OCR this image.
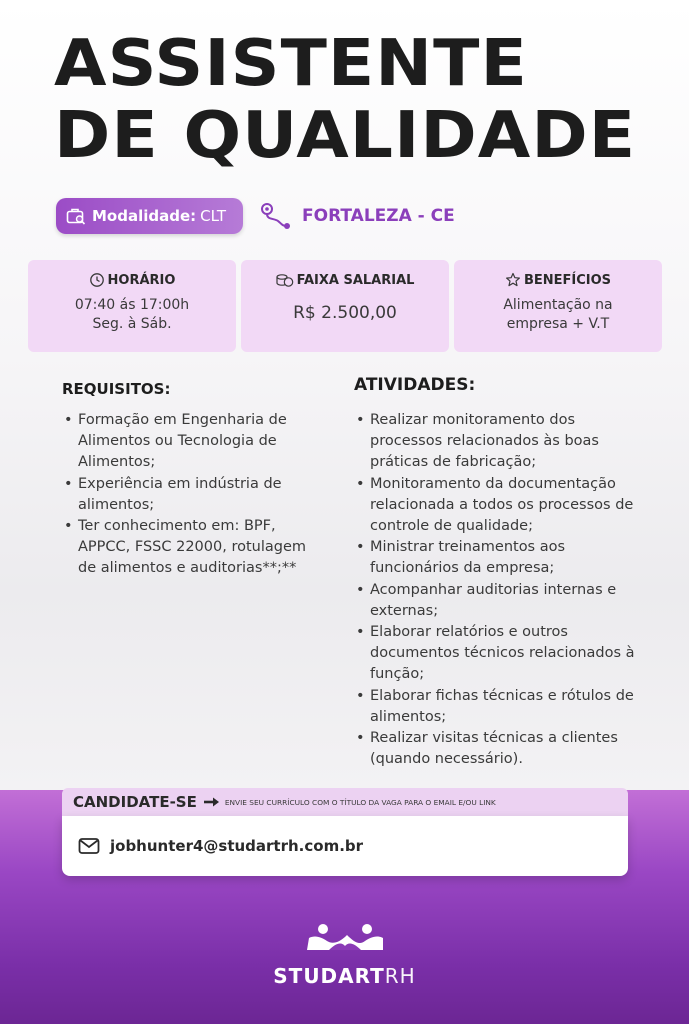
ASSISTENTE
DE QUALIDADE
Modalidade: CLT	FORTALEZA - CE
HORÁRIO
07:40 ás 17:00h
Seg. à Sáb.
FAIXA SALARIAL
R$ 2.500,00
BENEFÍCIOS
Alimentação na
empresa + V.T
REQUISITOS:
• Formação em Engenharia de
Alimentos ou Tecnologia de
Alimentos;
• Experiência em indústria de
alimentos;
• Ter conhecimento em: BPF,
APPCC, FSSC 22000, rotulagem
de alimentos e auditorias**;**
ATIVIDADES:
• Realizar monitoramento dos
processos relacionados às boas
práticas de fabricação;
• Monitoramento da documentação
relacionada a todos os processos de
controle de qualidade;
• Ministrar treinamentos aos
funcionários da empresa;
• Acompanhar auditorias internas e
externas;
• Elaborar relatórios e outros
documentos técnicos relacionados à
função;
• Elaborar fichas técnicas e rótulos de
alimentos;
• Realizar visitas técnicas a clientes
(quando necessário).
CANDIDATE-SE	ENVIE SEU CURRÍCULO COM O TÍTULO DA VAGA PARA O EMAIL E/OU LINK
jobhunter4@studartrh.com.br
STUDARTRH
